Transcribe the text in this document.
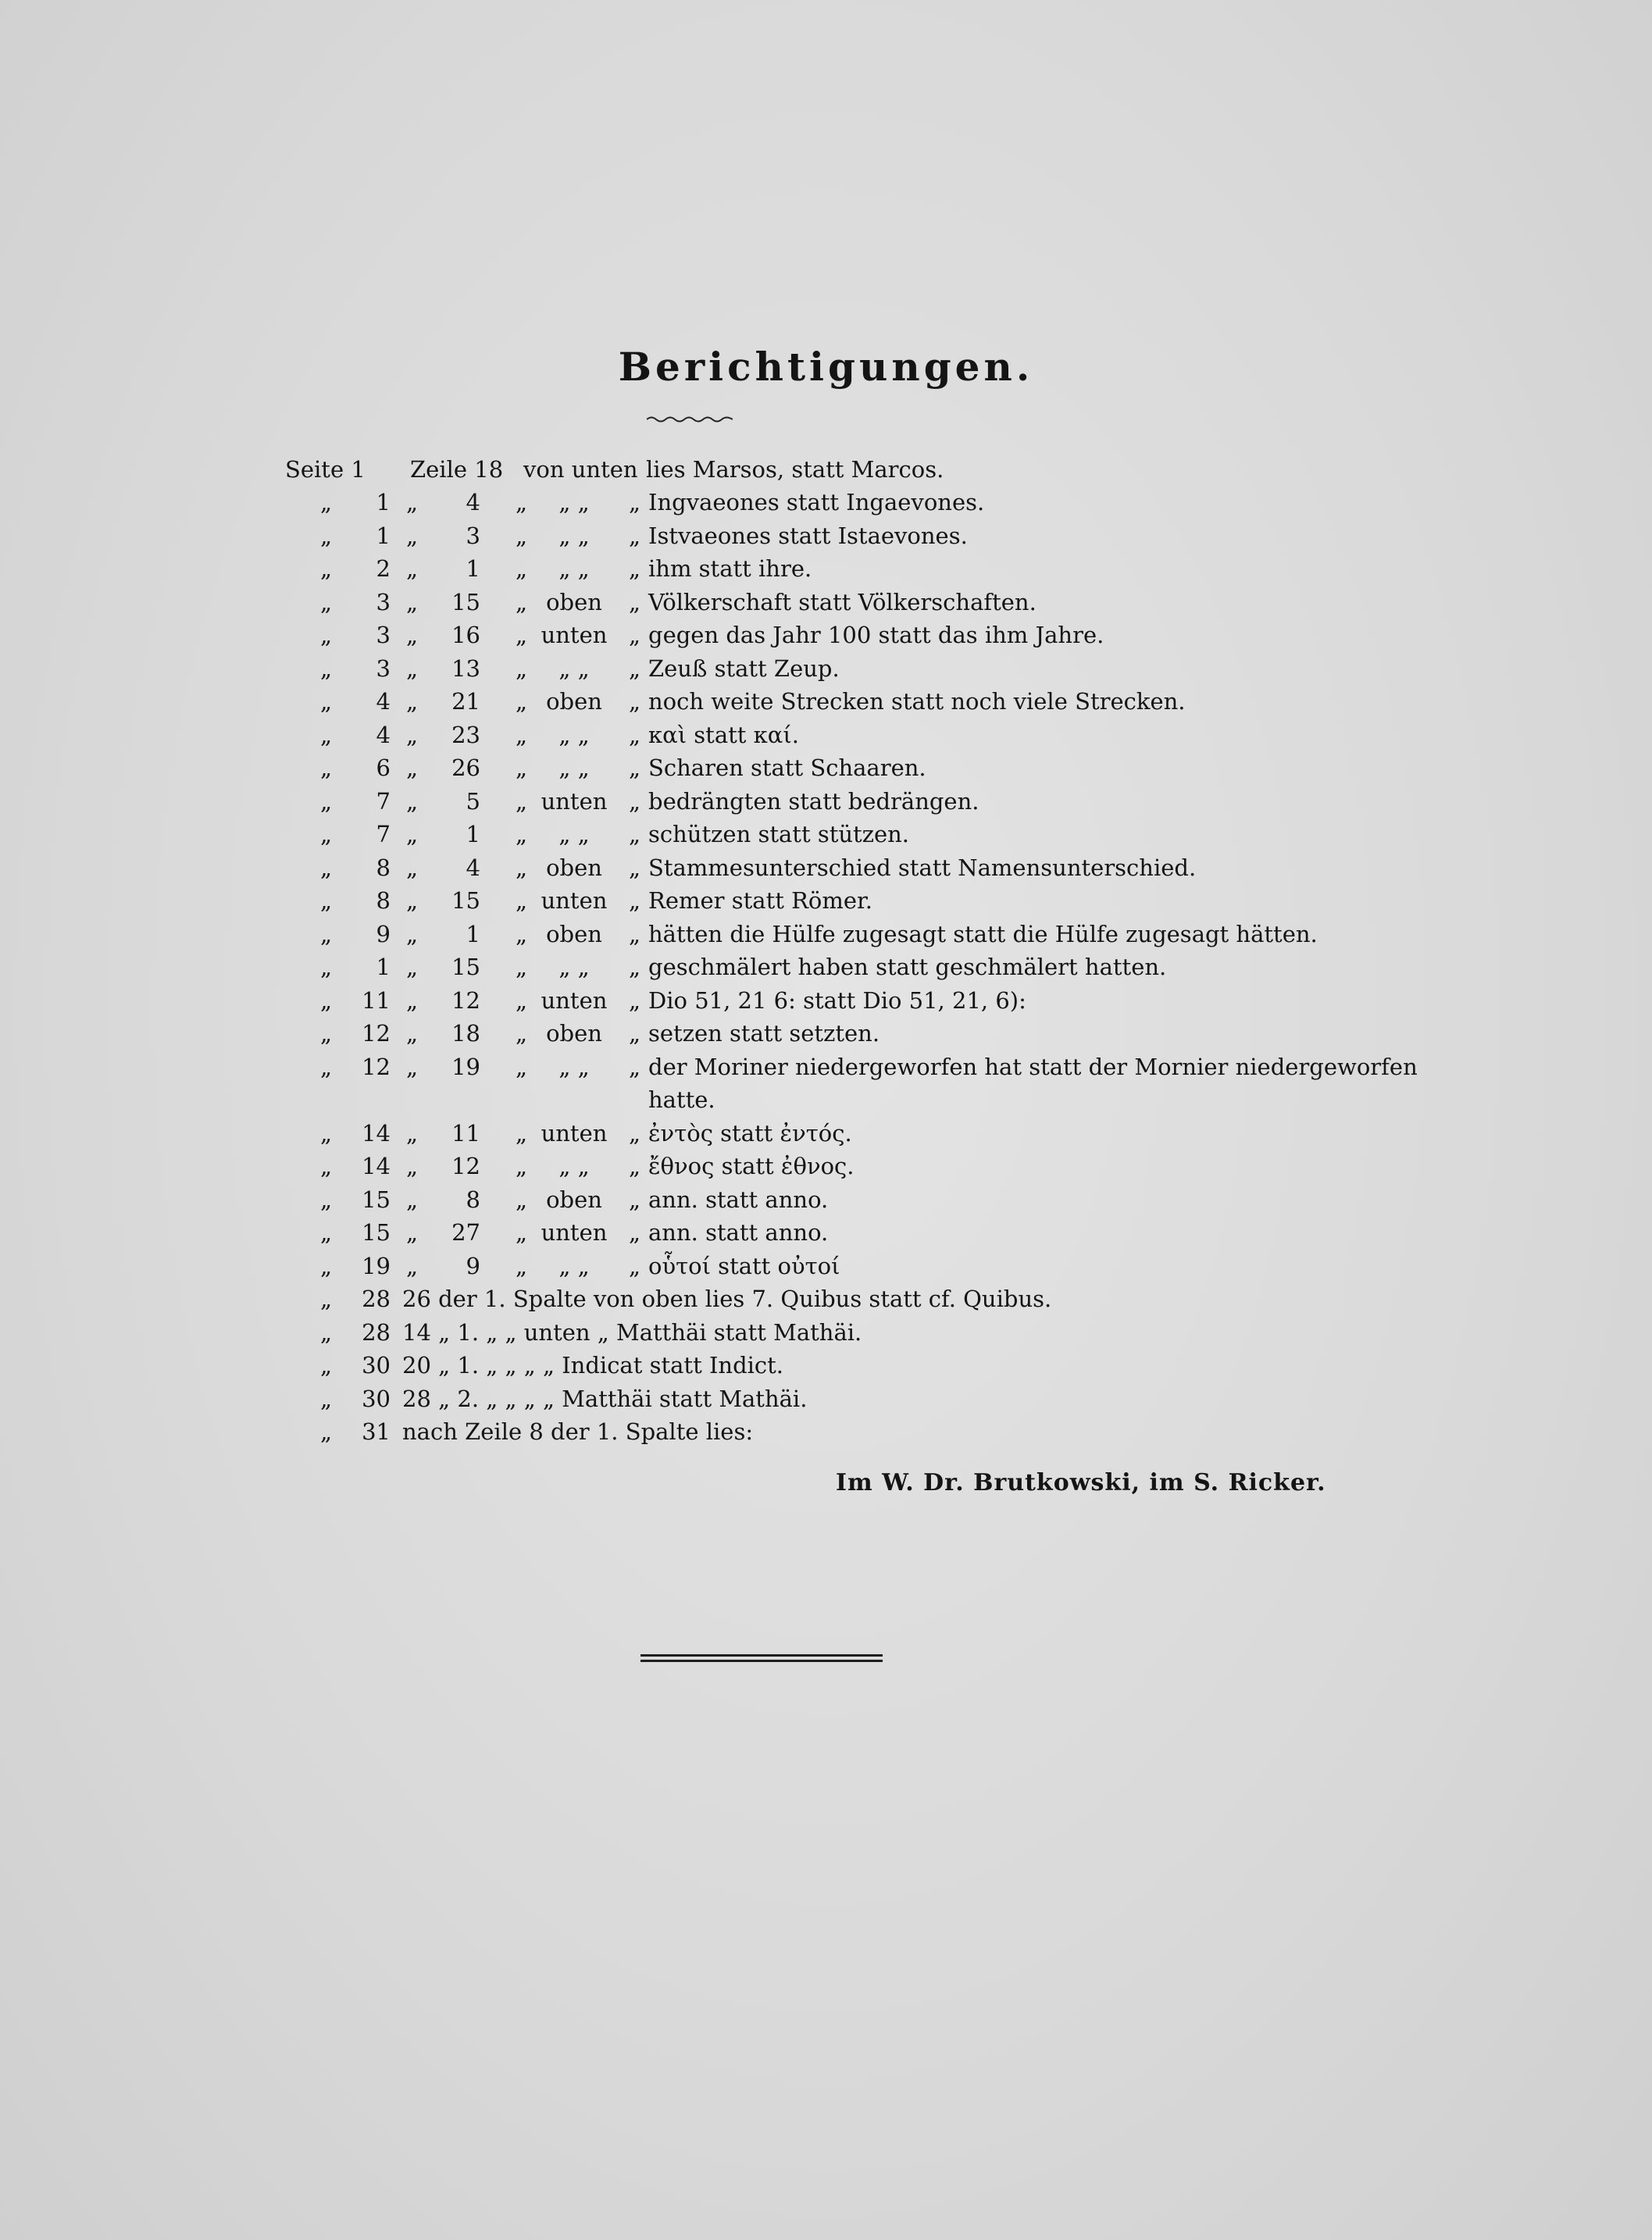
Berichtigungen.
Seite 1 Zeile 18 von unten lies Marsos, statt Marcos.
„	1 „	4 „	„ „	„ Ingvaeones statt Ingaevones.
„	1 „	3 „	„ „	„ Istvaeones statt Istaevones.
„	2 „	1 „	„ „	„ ihm statt ihre.
„	3 „	15 „ oben	„ Völkerschaft statt Völkerschaften.
„	3 „	16 „ unten „ gegen das Jahr 100 statt das ihm Jahre.
„	3 „	13 „	„ „	„ Zeuß statt Zeup.
„	4 „	21 „ oben	„ noch weite Strecken statt noch viele Strecken.
„	4 „	23 „	„ „	„ καὶ statt καί.
„	6 „	26 „	„ „	„ Scharen statt Schaaren.
„	7 „	5 „ unten „ bedrängten statt bedrängen.
„	7 „	1 „	„ „	„ schützen statt stützen.
„	8 „	4 „ oben	„ Stammesunterschied statt Namensunterschied.
„	8 „	15 „ unten „ Remer statt Römer.
„	9 „	1 „ oben	„ hätten die Hülfe zugesagt statt die Hülfe zugesagt hätten.
„	1 „	15 „	„ „	„ geschmälert haben statt geschmälert hatten.
„	11 „	12 „ unten „ Dio 51, 21 6: statt Dio 51, 21, 6):
„	12 „	18 „ oben	„ setzen statt setzten.
„	12 „	19 „	„ „	„ der Moriner niedergeworfen hat statt der Mornier niedergeworfen
hatte.
„	14 „	11 „ unten „ ἐντὸς statt ἐντός.
„	14 „	12 „	„ „	„ ἔθνος statt ἐθνος.
„	15 „	8 „ oben	„ ann. statt anno.
„	15 „	27 „ unten „ ann. statt anno.
„	19 „	9 „	„ „	„ οὗτοί statt οὐτοί
„	28 26 der 1. Spalte von oben lies 7. Quibus statt cf. Quibus.
„	28 14 „ 1. „ „ unten „ Matthäi statt Mathäi.
„	30 20 „ 1. „ „ „ „ Indicat statt Indict.
„	30 28 „ 2. „ „ „ „ Matthäi statt Mathäi.
„	31 nach Zeile 8 der 1. Spalte lies:
Im W. Dr. Brutkowski, im S. Ricker.
